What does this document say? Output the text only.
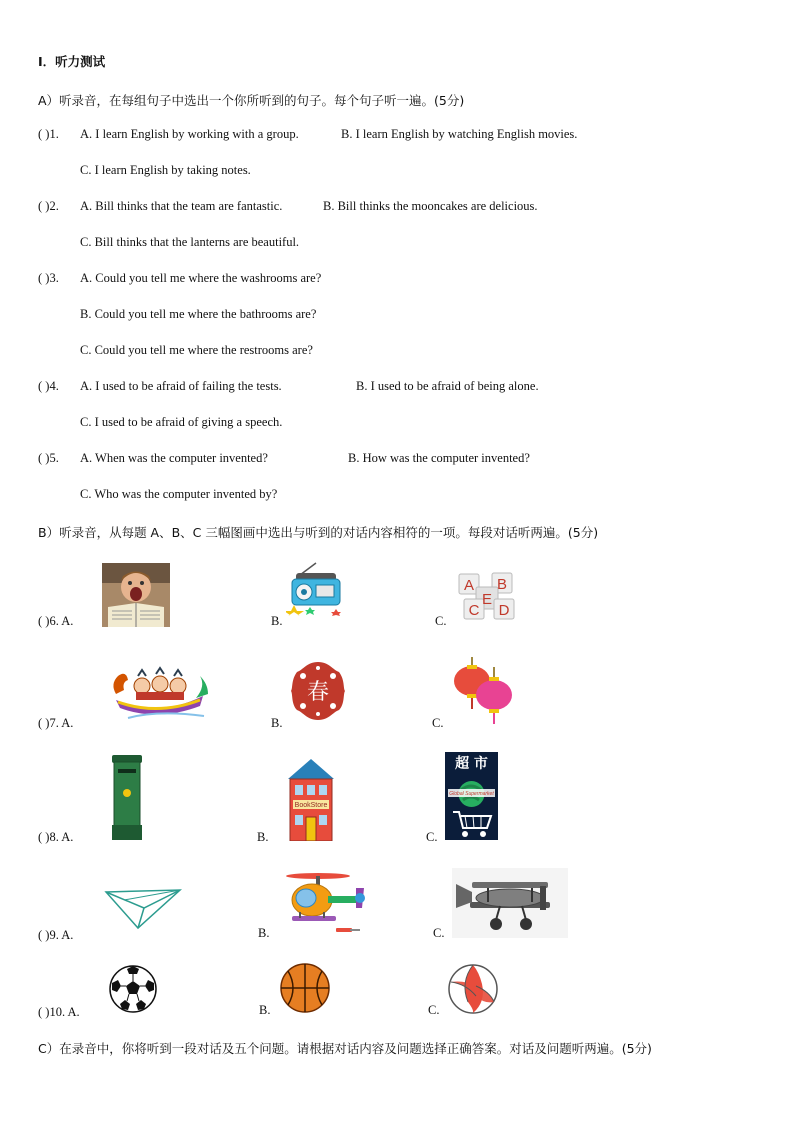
I．听力测试
A）听录音，在每组句子中选出一个你所听到的句子。每个句子听一遍。(5分)
( )1. A. I learn English by working with a group.	B. I learn English by watching English movies.
C. I learn English by taking notes.
( )2. A. Bill thinks that the team are fantastic.	B. Bill thinks the mooncakes are delicious.
C. Bill thinks that the lanterns are beautiful.
( )3. A. Could you tell me where the washrooms are?
B. Could you tell me where the bathrooms are?
C. Could you tell me where the restrooms are?
( )4. A. I used to be afraid of failing the tests.	B. I used to be afraid of being alone.
C. I used to be afraid of giving a speech.
( )5. A. When was the computer invented?	B. How was the computer invented?
C. Who was the computer invented by?
B）听录音，从每题 A、B、C 三幅图画中选出与听到的对话内容相符的一项。每段对话听两遍。(5分)
( )6. A.	B.	C.
A B
E
C D
( )7. A.	B.
春
C.
( )8. A.	B.
BookStore
C.
超 市
Global Supermarket
( )9. A.	B.	C.
( )10. A.	B.	C.
C）在录音中，你将听到一段对话及五个问题。请根据对话内容及问题选择正确答案。对话及问题听两遍。(5分)
